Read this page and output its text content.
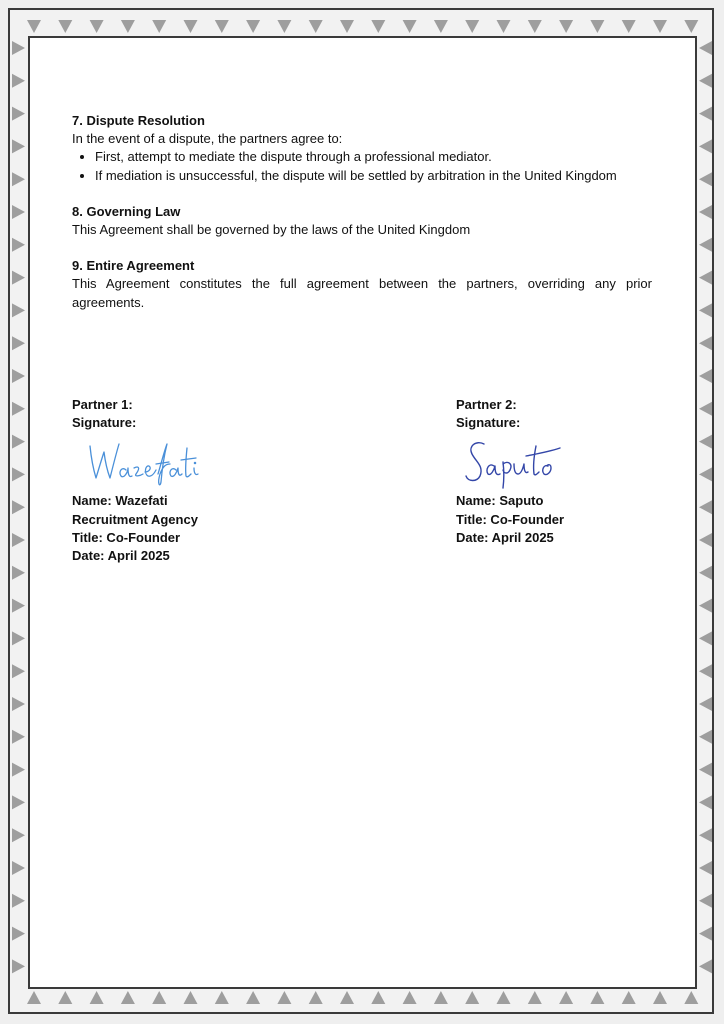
7. Dispute Resolution

In the event of a dispute, the partners agree to:

• First, attempt to mediate the dispute through a professional mediator.
• If mediation is unsuccessful, the dispute will be settled by arbitration in the United Kingdom
8. Governing Law

This Agreement shall be governed by the laws of the United Kingdom

9. Entire Agreement

This Agreement constitutes the full agreement between the partners, overriding any prior agreements.

Partner 1:
Signature:
Name: Wazefati
Recruitment Agency
Title: Co-Founder
Date: April 2025
Partner 2:
Signature:
Name: Saputo
Title: Co-Founder
Date: April 2025
